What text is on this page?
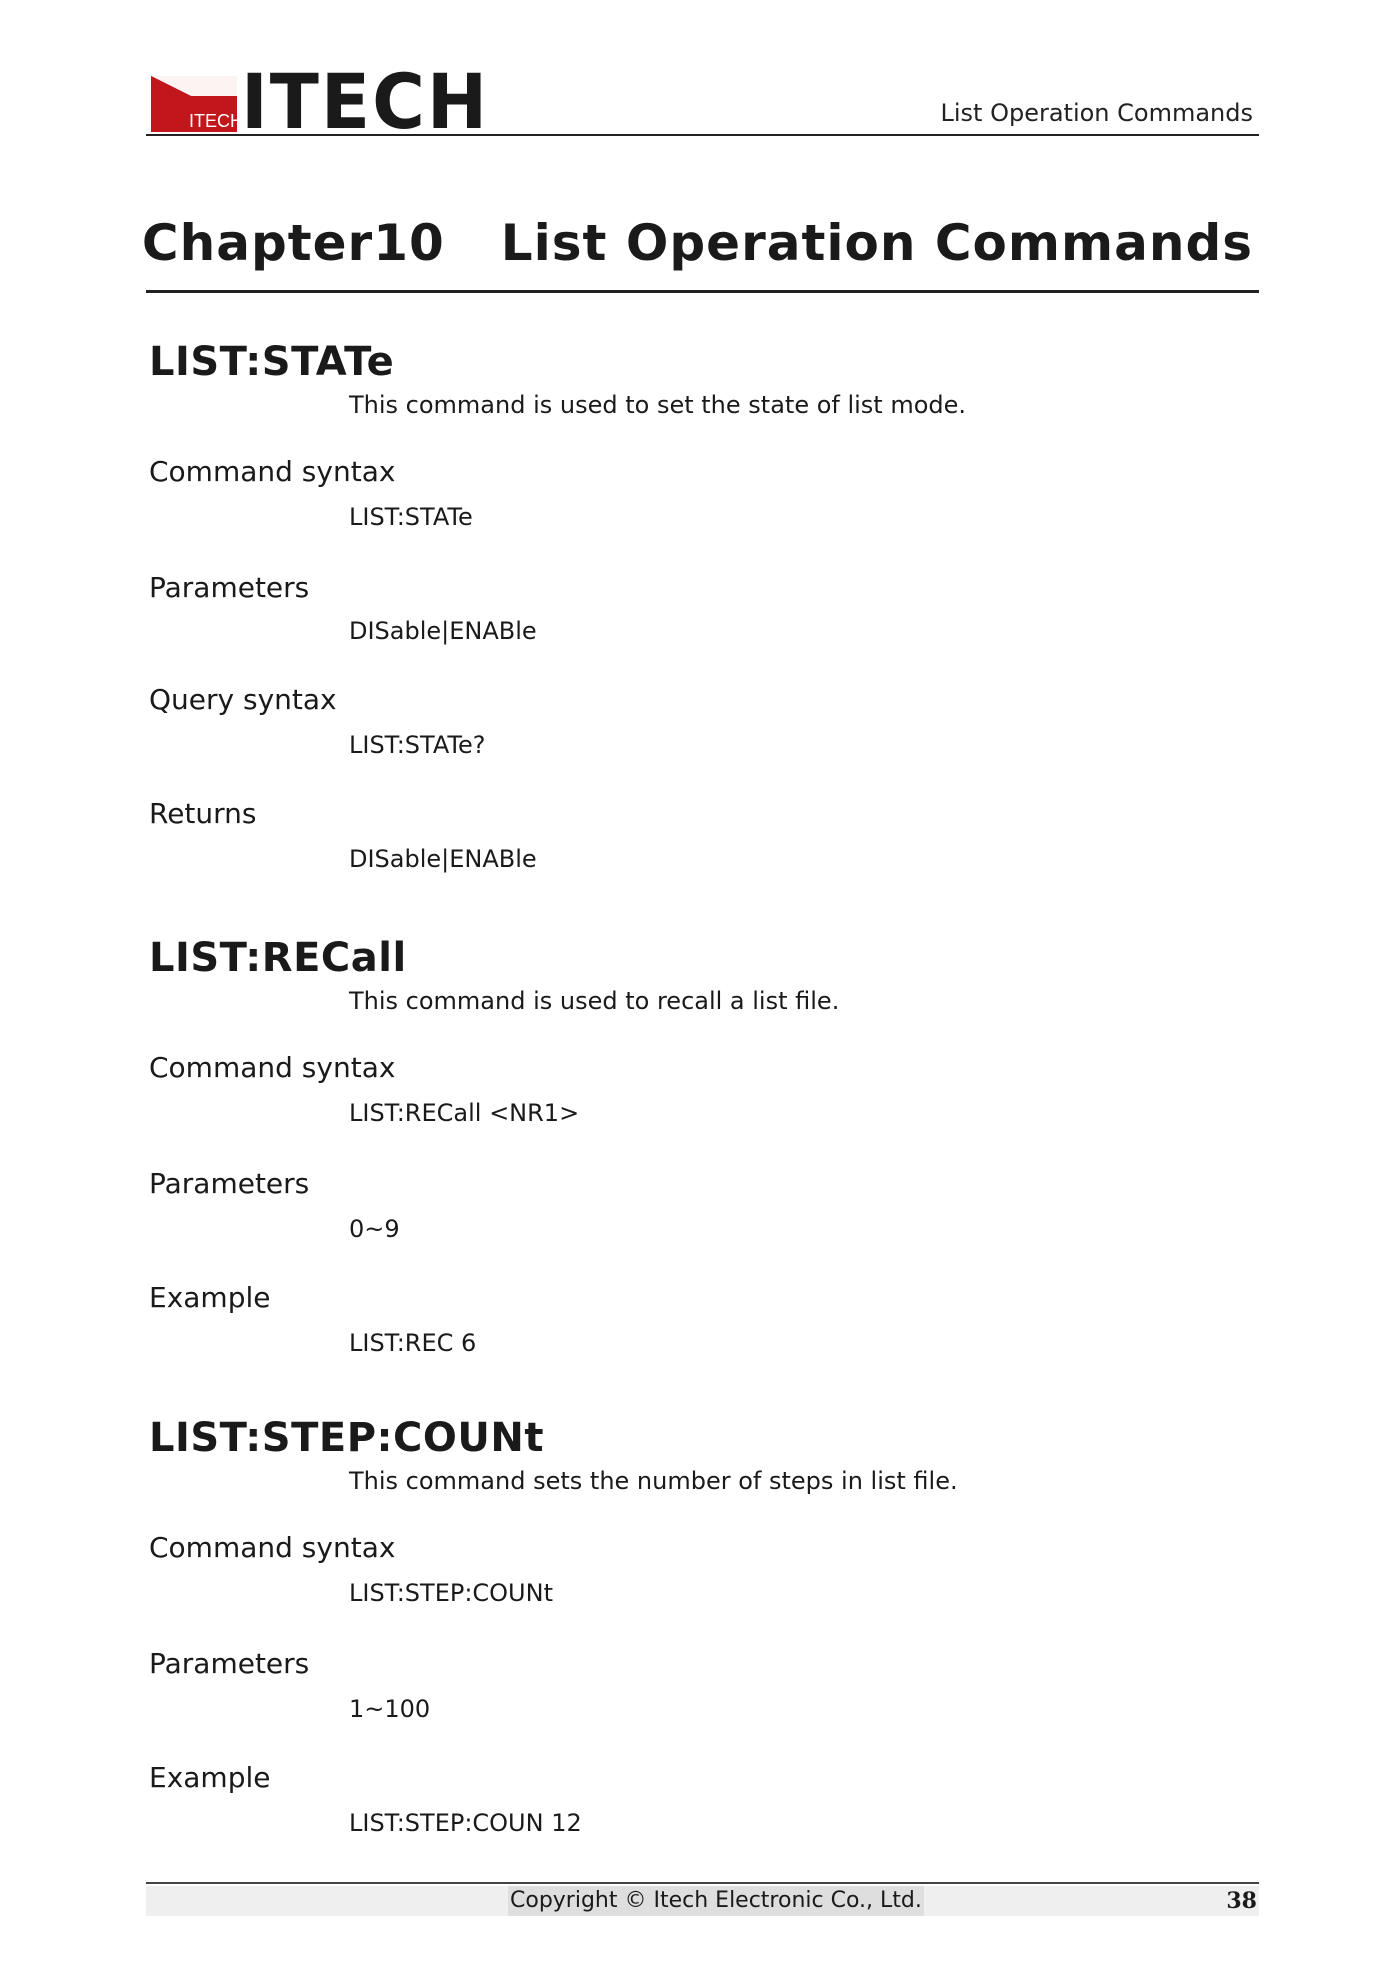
ITECH
ITECH	List Operation Commands
Chapter10 List Operation Commands
LIST:STATe

This command is used to set the state of list mode.

Command syntax

LIST:STATe

Parameters

DISable|ENABle

Query syntax

LIST:STATe?

Returns

DISable|ENABle

LIST:RECall

This command is used to recall a list file.

Command syntax

LIST:RECall <NR1>

Parameters

0~9

Example

LIST:REC 6

LIST:STEP:COUNt

This command sets the number of steps in list file.

Command syntax

LIST:STEP:COUNt

Parameters

1~100

Example

LIST:STEP:COUN 12

Copyright © Itech Electronic Co., Ltd.	38
